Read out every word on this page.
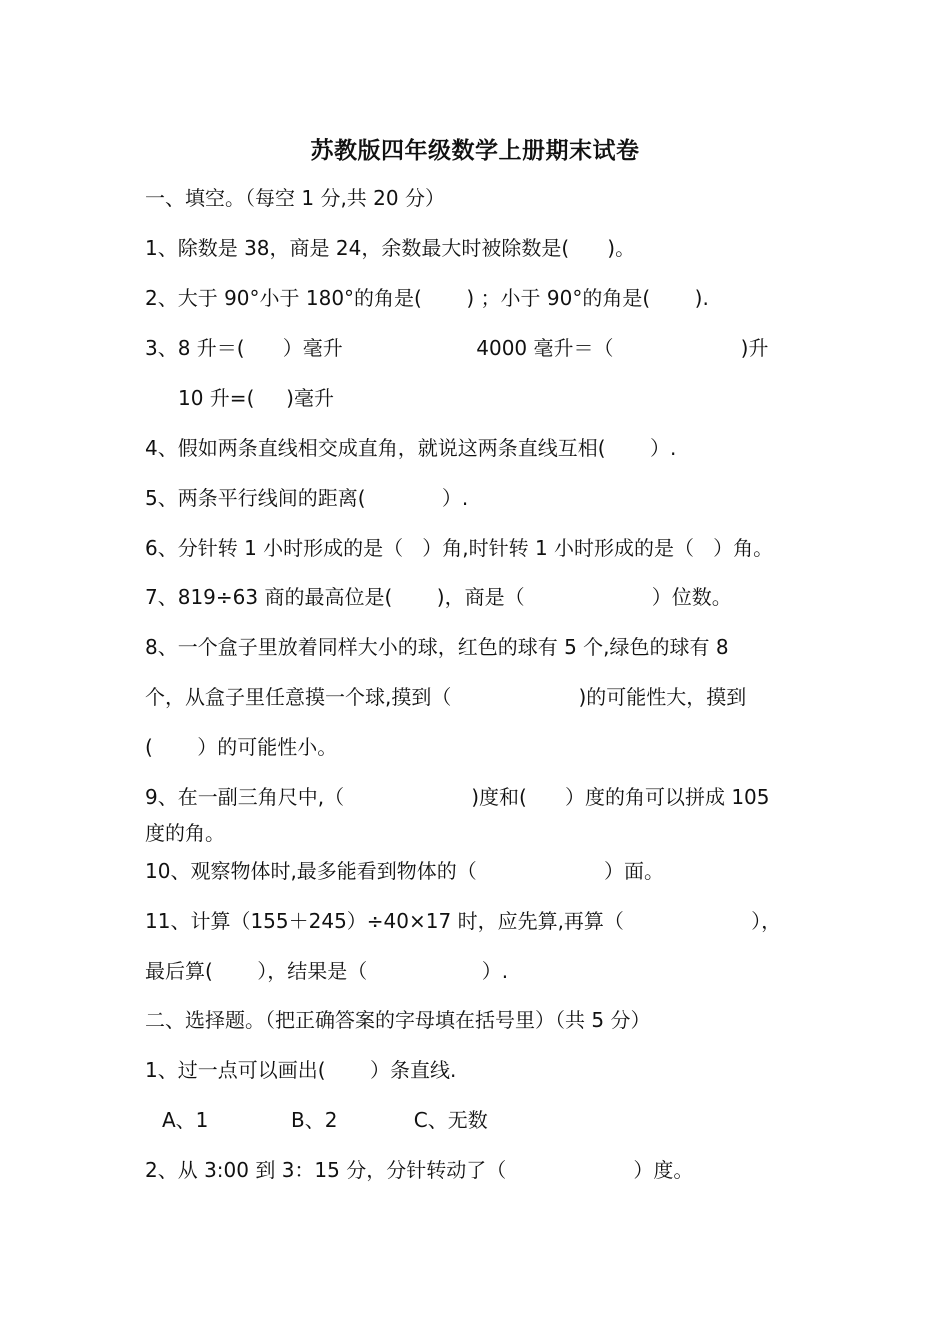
苏教版四年级数学上册期末试卷
一、填空。（每空 1 分,共 20 分）
1、除数是 38，商是 24，余数最大时被除数是(      )。
2、大于 90°小于 180°的角是(       ) ；小于 90°的角是(       ).
3、8 升＝(      ）毫升                     4000 毫升＝（                    )升
10 升=(     )毫升
4、假如两条直线相交成直角，就说这两条直线互相(       ）.
5、两条平行线间的距离(            ）.
6、分针转 1 小时形成的是（   ）角,时针转 1 小时形成的是（   ）角。
7、819÷63 商的最高位是(       )，商是（                    ）位数。
8、一个盒子里放着同样大小的球，红色的球有 5 个,绿色的球有 8
个，从盒子里任意摸一个球,摸到（                    )的可能性大，摸到
(       ）的可能性小。
9、在一副三角尺中,（                    )度和(      ）度的角可以拼成 105
度的角。
10、观察物体时,最多能看到物体的（                    ）面。
11、计算（155＋245）÷40×17 时，应先算,再算（                    ），
最后算(       ），结果是（                  ）.
二、选择题。（把正确答案的字母填在括号里）（共 5 分）
1、过一点可以画出(       ）条直线.
A、1             B、2            C、无数
2、从 3:00 到 3：15 分，分针转动了（                    ）度。
